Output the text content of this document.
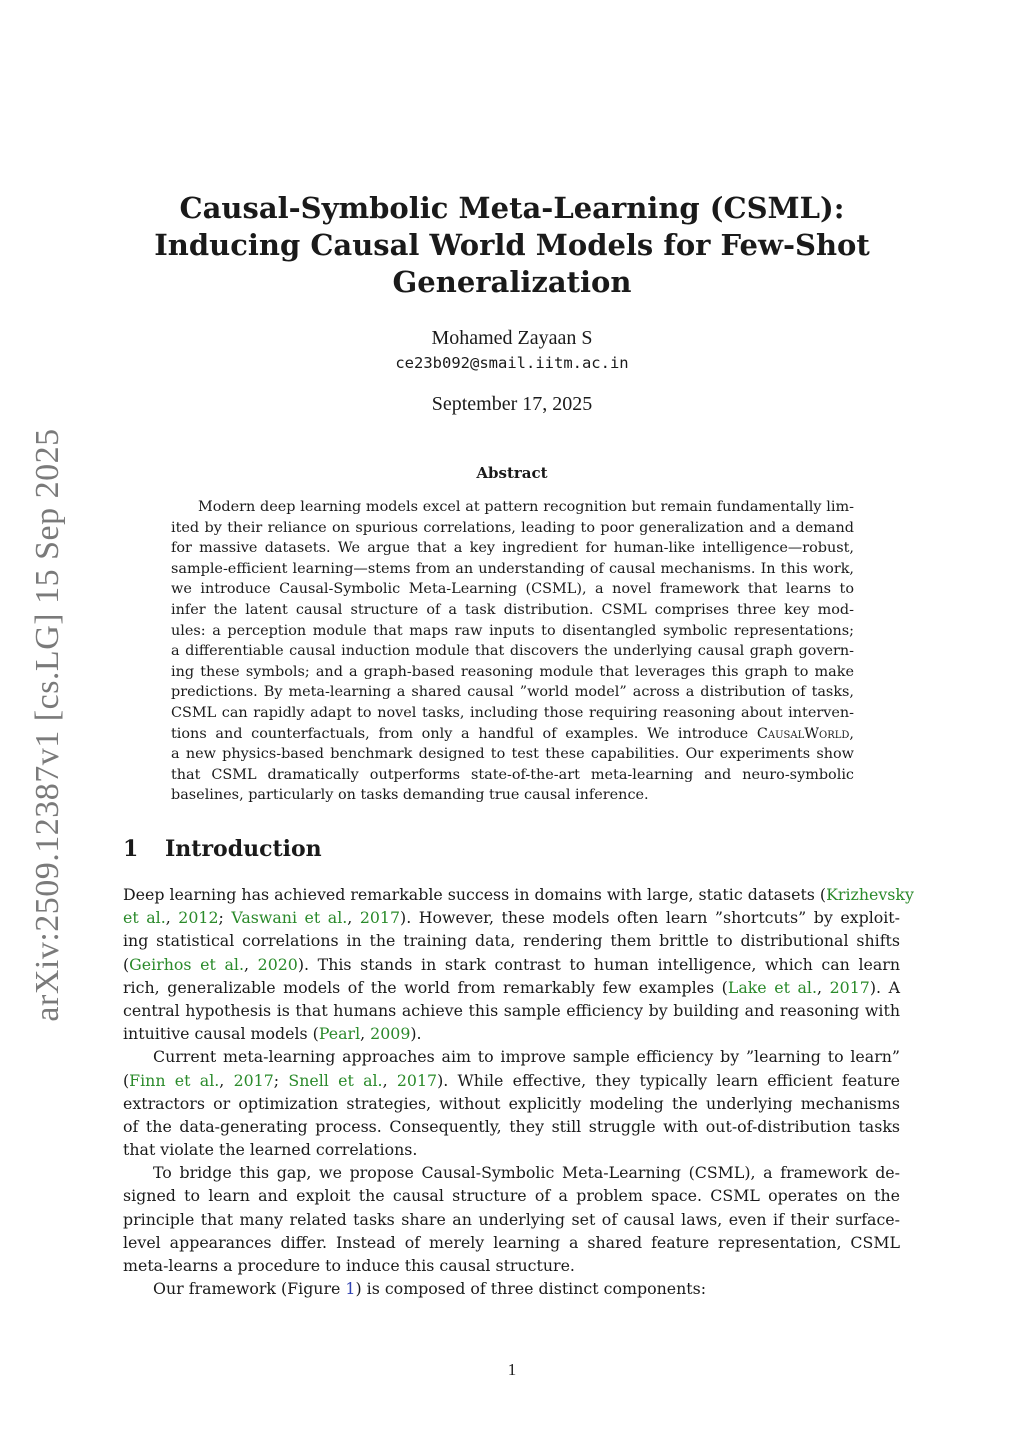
arXiv:2509.12387v1 [cs.LG] 15 Sep 2025
Causal-Symbolic Meta-Learning (CSML):
Inducing Causal World Models for Few-Shot
Generalization
Mohamed Zayaan S
ce23b092@smail.iitm.ac.in
September 17, 2025
Abstract
Modern deep learning models excel at pattern recognition but remain fundamentally lim-
ited by their reliance on spurious correlations, leading to poor generalization and a demand
for massive datasets. We argue that a key ingredient for human-like intelligence—robust,
sample-efficient learning—stems from an understanding of causal mechanisms. In this work,
we introduce Causal-Symbolic Meta-Learning (CSML), a novel framework that learns to
infer the latent causal structure of a task distribution. CSML comprises three key mod-
ules: a perception module that maps raw inputs to disentangled symbolic representations;
a differentiable causal induction module that discovers the underlying causal graph govern-
ing these symbols; and a graph-based reasoning module that leverages this graph to make
predictions. By meta-learning a shared causal ”world model” across a distribution of tasks,
CSML can rapidly adapt to novel tasks, including those requiring reasoning about interven-
tions and counterfactuals, from only a handful of examples. We introduce CausalWorld,
a new physics-based benchmark designed to test these capabilities. Our experiments show
that CSML dramatically outperforms state-of-the-art meta-learning and neuro-symbolic
baselines, particularly on tasks demanding true causal inference.
1 Introduction
Deep learning has achieved remarkable success in domains with large, static datasets (Krizhevsky
et al., 2012; Vaswani et al., 2017). However, these models often learn ”shortcuts” by exploit-
ing statistical correlations in the training data, rendering them brittle to distributional shifts
(Geirhos et al., 2020). This stands in stark contrast to human intelligence, which can learn
rich, generalizable models of the world from remarkably few examples (Lake et al., 2017). A
central hypothesis is that humans achieve this sample efficiency by building and reasoning with
intuitive causal models (Pearl, 2009).
Current meta-learning approaches aim to improve sample efficiency by ”learning to learn”
(Finn et al., 2017; Snell et al., 2017). While effective, they typically learn efficient feature
extractors or optimization strategies, without explicitly modeling the underlying mechanisms
of the data-generating process. Consequently, they still struggle with out-of-distribution tasks
that violate the learned correlations.
To bridge this gap, we propose Causal-Symbolic Meta-Learning (CSML), a framework de-
signed to learn and exploit the causal structure of a problem space. CSML operates on the
principle that many related tasks share an underlying set of causal laws, even if their surface-
level appearances differ. Instead of merely learning a shared feature representation, CSML
meta-learns a procedure to induce this causal structure.
Our framework (Figure 1) is composed of three distinct components:
1
